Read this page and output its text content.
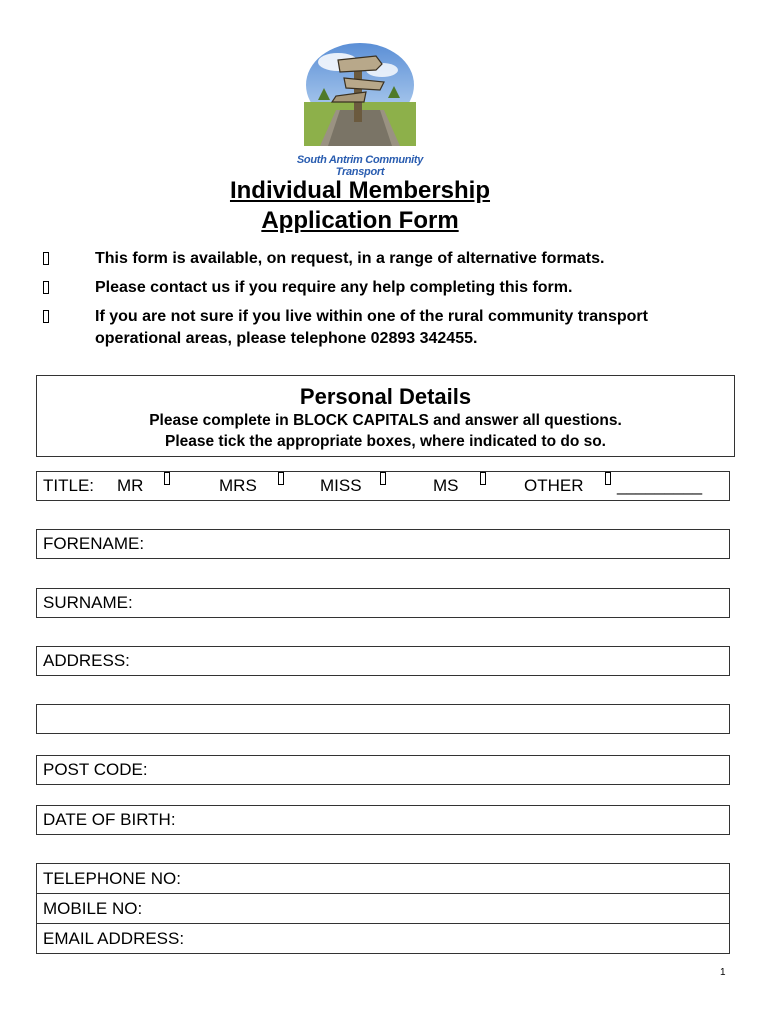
South Antrim Community Transport
Individual Membership
Application Form
This form is available, on request, in a range of alternative formats.
Please contact us if you require any help completing this form.
If you are not sure if you live within one of the rural community transport operational areas, please telephone 02893 342455.
Personal Details
Please complete in BLOCK CAPITALS and answer all questions.
Please tick the appropriate boxes, where indicated to do so.
TITLE: MR	MRS	MISS	MS	OTHER _________
FORENAME:
SURNAME:
ADDRESS:
POST CODE:
DATE OF BIRTH:
TELEPHONE NO:
MOBILE NO:
EMAIL ADDRESS:
1
